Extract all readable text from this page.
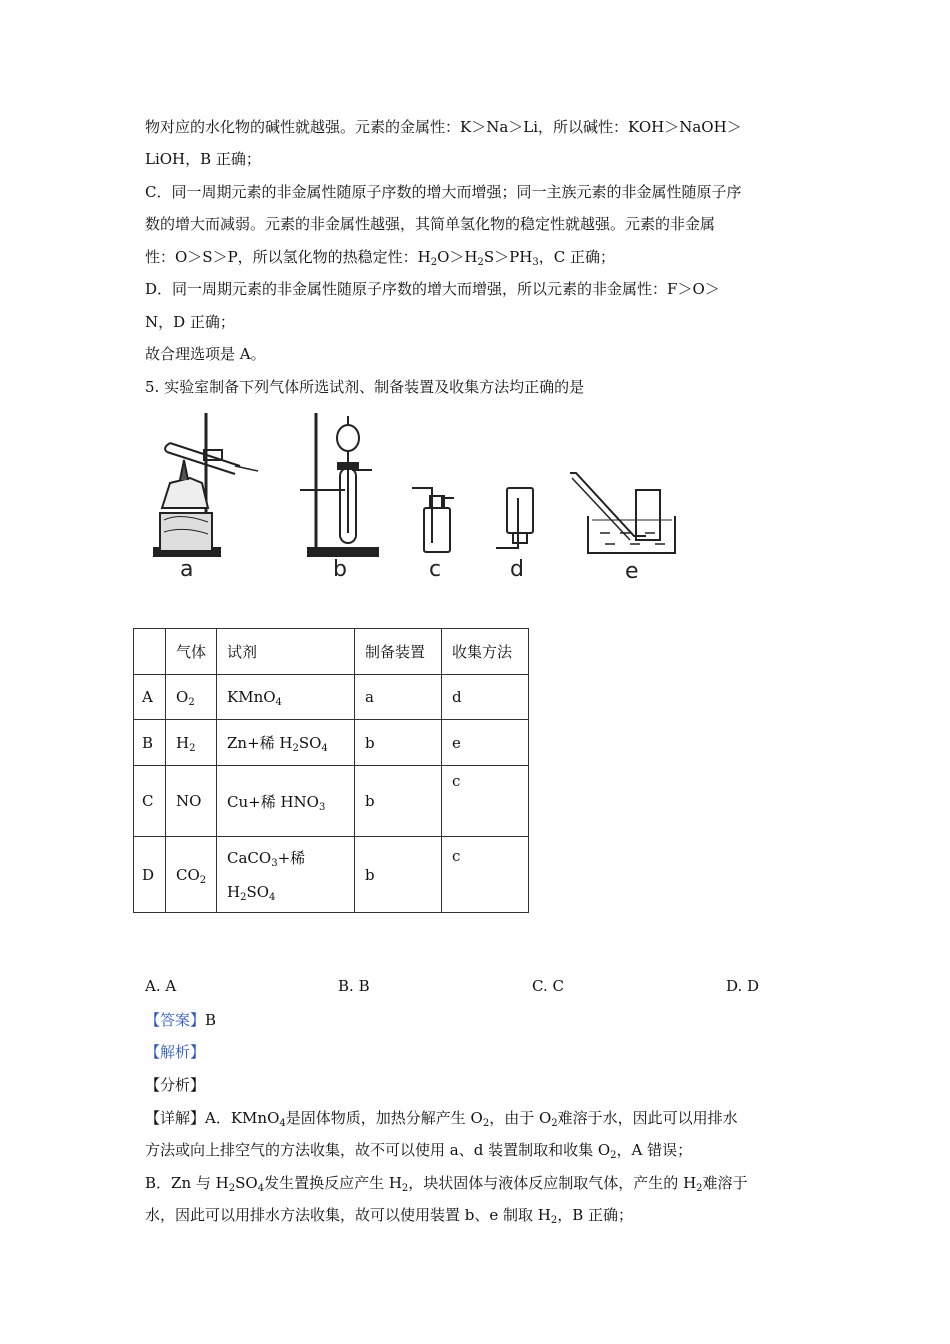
物对应的水化物的碱性就越强。元素的金属性：K＞Na＞Li，所以碱性：KOH＞NaOH＞
LiOH，B 正确；
C．同一周期元素的非金属性随原子序数的增大而增强；同一主族元素的非金属性随原子序
数的增大而减弱。元素的非金属性越强，其简单氢化物的稳定性就越强。元素的非金属
性：O＞S＞P，所以氢化物的热稳定性：$H_2O>H_2S>PH_3$，C 正确；
D．同一周期元素的非金属性随原子序数的增大而增强，所以元素的非金属性：F＞O＞
N，D 正确；
故合理选项是 A。
5. 实验室制备下列气体所选试剂、制备装置及收集方法均正确的是
a	b	c	d	e
	气体	试剂	制备装置	收集方法
A	$O_2$	KMnO$_4$	a	d
B	$H_2$	Zn+稀 $H_2SO_4$	b	e
C	NO	Cu+稀 $HNO_3$	b	c
D	$CO_2$	CaCO$_3$+稀
$H_2SO_4$	b	c
A. A	B. B	C. C	D. D
【答案】B
【解析】
【分析】
【详解】A．KMnO$_4$是固体物质，加热分解产生 $O_2$，由于 $O_2$难溶于水，因此可以用排水
方法或向上排空气的方法收集，故不可以使用 a、d 装置制取和收集 $O_2$，A 错误；
B．Zn 与 $H_2SO_4$发生置换反应产生 $H_2$，块状固体与液体反应制取气体，产生的 $H_2$难溶于
水，因此可以用排水方法收集，故可以使用装置 b、e 制取 $H_2$，B 正确；
